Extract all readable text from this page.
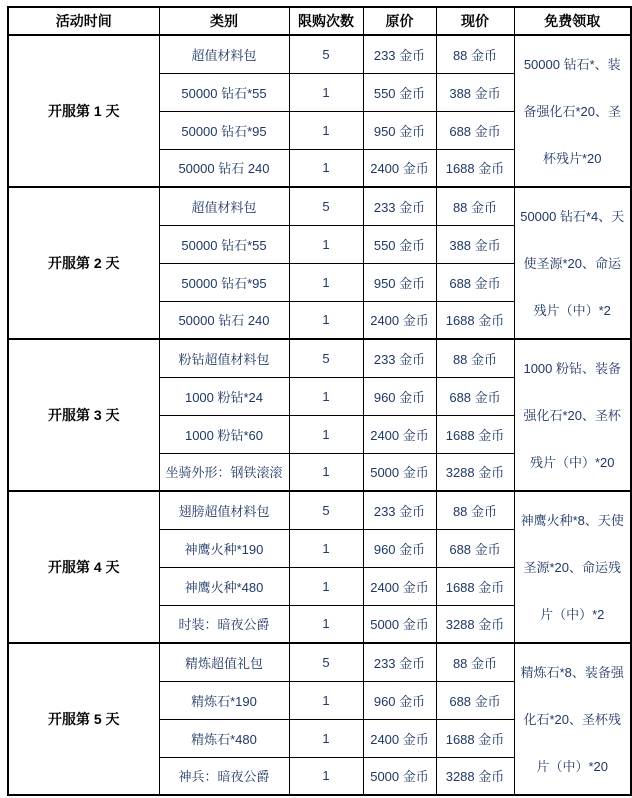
活动时间	类别	限购次数	原价	现价	免费领取
开服第 1 天	超值材料包	5	233 金币	88 金币	50000 钻石*、装备强化石*20、圣杯残片*20
	50000 钻石*55	1	550 金币	388 金币	
	50000 钻石*95	1	950 金币	688 金币	
	50000 钻石 240	1	2400 金币	1688 金币	
开服第 2 天	超值材料包	5	233 金币	88 金币	50000 钻石*4、天使圣源*20、命运残片（中）*2
	50000 钻石*55	1	550 金币	388 金币	
	50000 钻石*95	1	950 金币	688 金币	
	50000 钻石 240	1	2400 金币	1688 金币	
开服第 3 天	粉钻超值材料包	5	233 金币	88 金币	1000 粉钻、装备强化石*20、圣杯残片（中）*20
	1000 粉钻*24	1	960 金币	688 金币	
	1000 粉钻*60	1	2400 金币	1688 金币	
	坐骑外形：钢铁滚滚	1	5000 金币	3288 金币	
开服第 4 天	翅膀超值材料包	5	233 金币	88 金币	神鹰火种*8、天使圣源*20、命运残片（中）*2
	神鹰火种*190	1	960 金币	688 金币	
	神鹰火种*480	1	2400 金币	1688 金币	
	时装：暗夜公爵	1	5000 金币	3288 金币	
开服第 5 天	精炼超值礼包	5	233 金币	88 金币	精炼石*8、装备强化石*20、圣杯残片（中）*20
	精炼石*190	1	960 金币	688 金币	
	精炼石*480	1	2400 金币	1688 金币	
	神兵：暗夜公爵	1	5000 金币	3288 金币	
